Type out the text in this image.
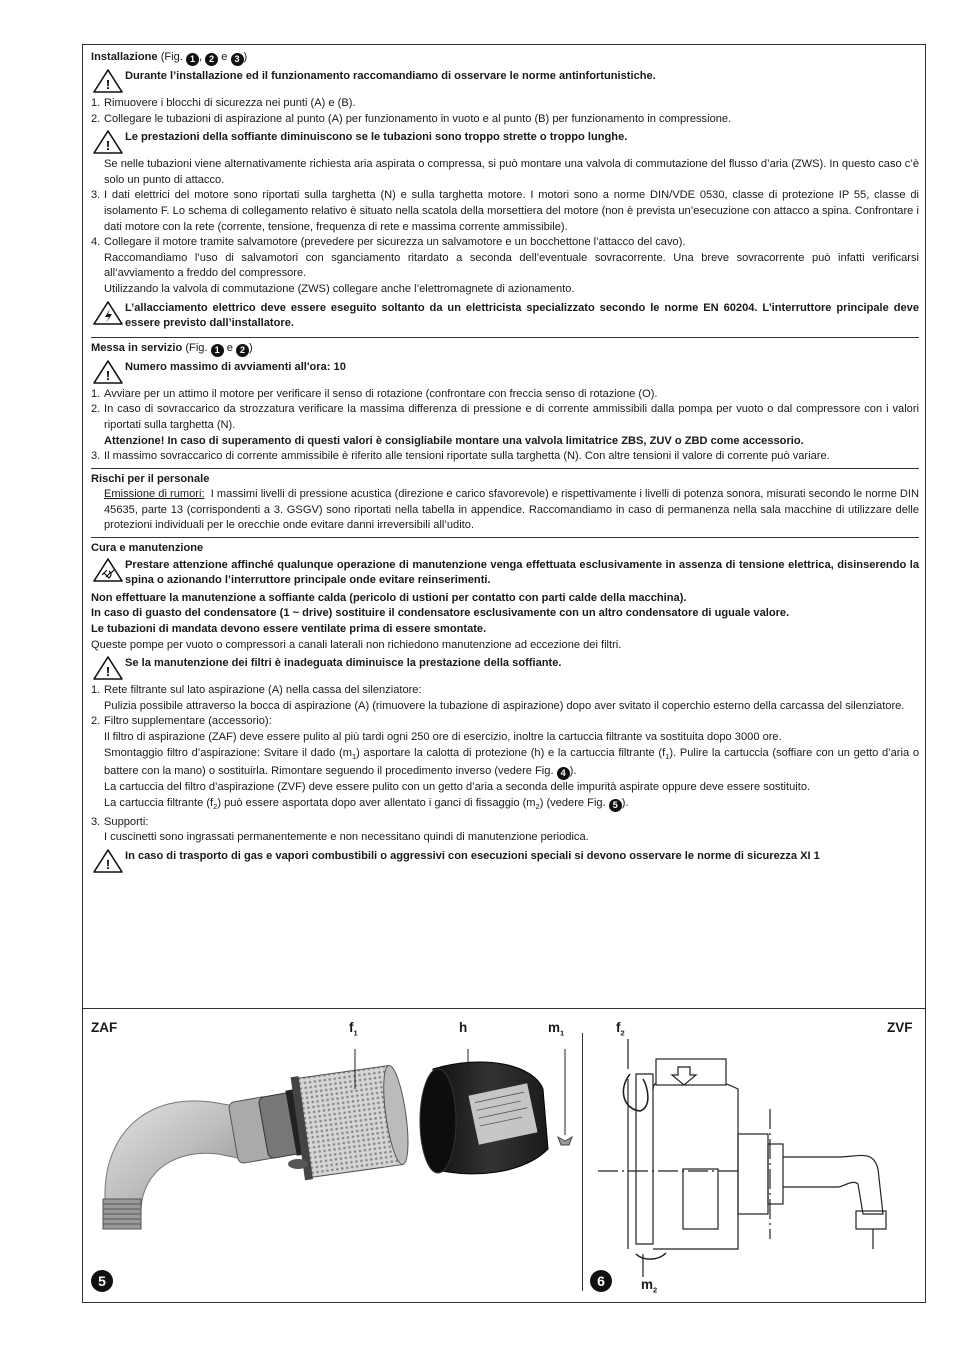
Installazione (Fig. 1 , 2 e 3 )
!
Durante l’installazione ed il funzionamento raccomandiamo di osservare le norme antinfortunistiche.
1. Rimuovere i blocchi di sicurezza nei punti (A) e (B).
2. Collegare le tubazioni di aspirazione al punto (A) per funzionamento in vuoto e al punto (B) per funzionamento in compressione.
!
Le prestazioni della soffiante diminuiscono se le tubazioni sono troppo strette o troppo lunghe.
Se nelle tubazioni viene alternativamente richiesta aria aspirata o compressa, si può montare una valvola di commutazione del flusso d’aria (ZWS). In questo caso c’è solo un punto di attacco.
3. I dati elettrici del motore sono riportati sulla targhetta (N) e sulla targhetta motore. I motori sono a norme DIN/VDE 0530, classe di protezione IP 55, classe di isolamento F. Lo schema di collegamento relativo è situato nella scatola della morsettiera del motore (non è prevista un’esecuzione con attacco a spina. Confrontare i dati motore con la rete (corrente, tensione, frequenza di rete e massima corrente ammissibile).
4. Collegare il motore tramite salvamotore (prevedere per sicurezza un salvamotore e un bocchettone l’attacco del cavo).
Raccomandiamo l’uso di salvamotori con sganciamento ritardato a seconda dell’eventuale sovracorrente. Una breve sovracorrente può infatti verificarsi all’avviamento a freddo del compressore.
Utilizzando la valvola di commutazione (ZWS) collegare anche l’elettromagnete di azionamento.
L’allacciamento elettrico deve essere eseguito soltanto da un elettricista specializzato secondo le norme EN 60204. L’interruttore principale deve essere previsto dall’installatore.
Messa in servizio (Fig. 1 e 2 )
!
Numero massimo di avviamenti all'ora: 10
1. Avviare per un attimo il motore per verificare il senso di rotazione (confrontare con freccia senso di rotazione (O).
2. In caso di sovraccarico da strozzatura verificare la massima differenza di pressione e di corrente ammissibili dalla pompa per vuoto o dal compressore con i valori riportati sulla targhetta (N).
Attenzione! In caso di superamento di questi valori è consigliabile montare una valvola limitatrice ZBS, ZUV o ZBD come accessorio.
3. Il massimo sovraccarico di corrente ammissibile è riferito alle tensioni riportate sulla targhetta (N). Con altre tensioni il valore di corrente può variare.
Rischi per il personale
Emissione di rumori: I massimi livelli di pressione acustica (direzione e carico sfavorevole) e rispettivamente i livelli di potenza sonora, misurati secondo le norme DIN 45635, parte 13 (corrispondenti a 3. GSGV) sono riportati nella tabella in appendice. Raccomandiamo in caso di permanenza nella sala macchine di utilizzare delle protezioni individuali per le orecchie onde evitare danni irreversibili all’udito.
Cura e manutenzione
Prestare attenzione affinché qualunque operazione di manutenzione venga effettuata esclusivamente in assenza di tensione elettrica, disinserendo la spina o azionando l’interruttore principale onde evitare reinserimenti.
Non effettuare la manutenzione a soffiante calda (pericolo di ustioni per contatto con parti calde della macchina).
In caso di guasto del condensatore (1 ~ drive) sostituire il condensatore esclusivamente con un altro condensatore di uguale valore.
Le tubazioni di mandata devono essere ventilate prima di essere smontate.
Queste pompe per vuoto o compressori a canali laterali non richiedono manutenzione ad eccezione dei filtri.
!
Se la manutenzione dei filtri è inadeguata diminuisce la prestazione della soffiante.
1. Rete filtrante sul lato aspirazione (A) nella cassa del silenziatore:
Pulizia possibile attraverso la bocca di aspirazione (A) (rimuovere la tubazione di aspirazione) dopo aver svitato il coperchio esterno della carcassa del silenziatore.
2. Filtro supplementare (accessorio):
Il filtro di aspirazione (ZAF) deve essere pulito al più tardi ogni 250 ore di esercizio, inoltre la cartuccia filtrante va sostituita dopo 3000 ore.
Smontaggio filtro d’aspirazione: Svitare il dado $(m_1)$ asportare la calotta di protezione (h) e la cartuccia filtrante $(f_1)$. Pulire la cartuccia (soffiare con un getto d’aria o battere con la mano) o sostituirla. Rimontare seguendo il procedimento inverso (vedere Fig. 4 ).
La cartuccia del filtro d’aspirazione (ZVF) deve essere pulito con un getto d’aria a seconda delle impurità aspirate oppure deve essere sostituito.
La cartuccia filtrante $(f_2)$ può essere asportata dopo aver allentato i ganci di fissaggio $(m_2)$ (vedere Fig. 5 ).
3. Supporti:
I cuscinetti sono ingrassati permanentemente e non necessitano quindi di manutenzione periodica.
!
In caso di trasporto di gas e vapori combustibili o aggressivi con esecuzioni speciali si devono osservare le norme di sicurezza XI 1
ZAF	$f_1$	h	$m_1$	$f_2$	ZVF
$m_2$
5	6
